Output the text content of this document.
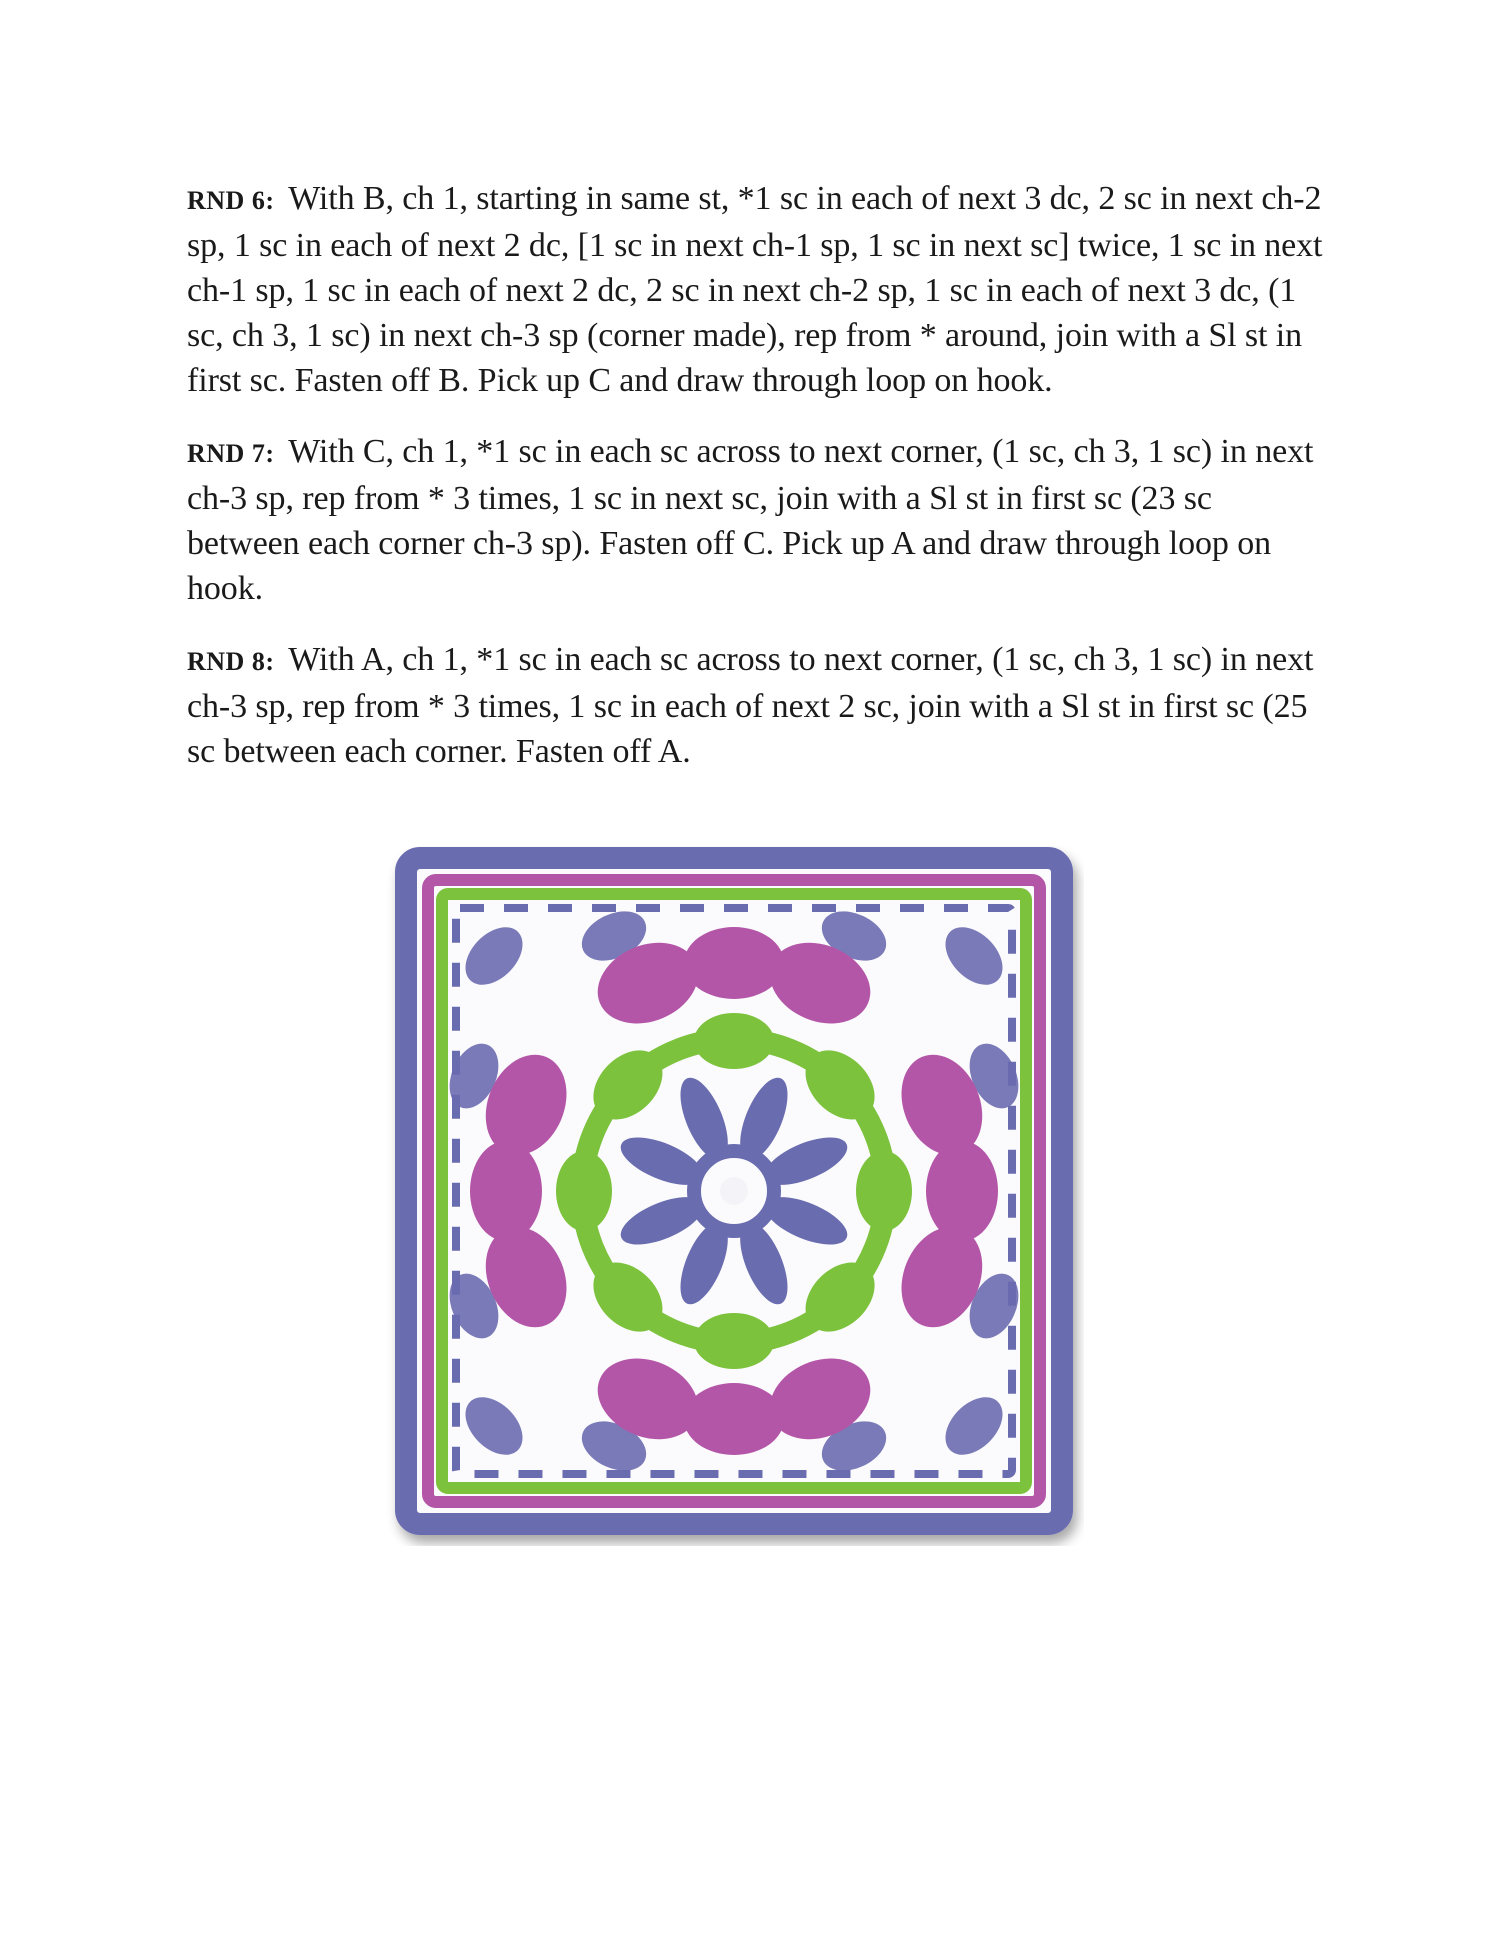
RND 6: With B, ch 1, starting in same st, *1 sc in each of next 3 dc, 2 sc in next ch-2 sp, 1 sc in each of next 2 dc, [1 sc in next ch-1 sp, 1 sc in next sc] twice, 1 sc in next ch-1 sp, 1 sc in each of next 2 dc, 2 sc in next ch-2 sp, 1 sc in each of next 3 dc, (1 sc, ch 3, 1 sc) in next ch-3 sp (corner made), rep from * around, join with a Sl st in first sc. Fasten off B. Pick up C and draw through loop on hook.

RND 7: With C, ch 1, *1 sc in each sc across to next corner, (1 sc, ch 3, 1 sc) in next ch-3 sp, rep from * 3 times, 1 sc in next sc, join with a Sl st in first sc (23 sc between each corner ch-3 sp). Fasten off C. Pick up A and draw through loop on hook.

RND 8: With A, ch 1, *1 sc in each sc across to next corner, (1 sc, ch 3, 1 sc) in next ch-3 sp, rep from * 3 times, 1 sc in each of next 2 sc, join with a Sl st in first sc (25 sc between each corner. Fasten off A.
